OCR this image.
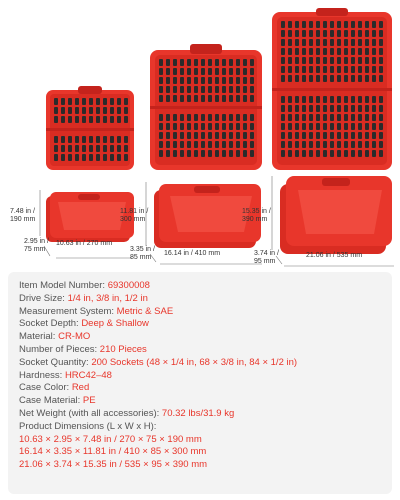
7.48 in /
190 mm
2.95 in /
75 mm
10.63 in / 270 mm
11.81 in /
300 mm
3.35 in /
85 mm
16.14 in / 410 mm
15.35 in /
390 mm
3.74 in /
95 mm
21.06 in / 535 mm
Item Model Number: 69300008
Drive Size: 1/4 in, 3/8 in, 1/2 in
Measurement System: Metric & SAE
Socket Depth: Deep & Shallow
Material: CR-MO
Number of Pieces: 210 Pieces
Socket Quantity: 200 Sockets (48 × 1/4 in, 68 × 3/8 in, 84 × 1/2 in)
Hardness: HRC42–48
Case Color: Red
Case Material: PE
Net Weight (with all accessories): 70.32 lbs/31.9 kg
Product Dimensions (L x W x H):
10.63 × 2.95 × 7.48 in / 270 × 75 × 190 mm
16.14 × 3.35 × 11.81 in / 410 × 85 × 300 mm
21.06 × 3.74 × 15.35 in / 535 × 95 × 390 mm
